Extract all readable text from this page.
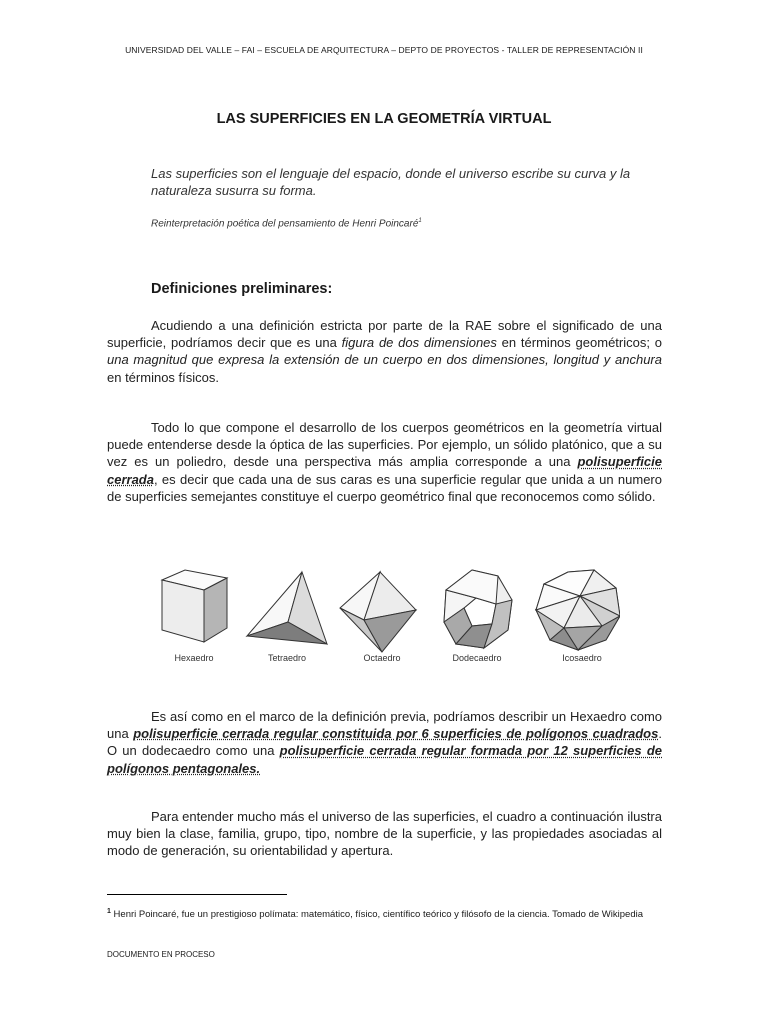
UNIVERSIDAD DEL VALLE – FAI – ESCUELA DE ARQUITECTURA – DEPTO DE PROYECTOS - TALLER DE REPRESENTACIÓN II
LAS SUPERFICIES EN LA GEOMETRÍA VIRTUAL
Las superficies son el lenguaje del espacio, donde el universo escribe su curva y la naturaleza susurra su forma.
Reinterpretación poética del pensamiento de Henri Poincaré$^1$
Definiciones preliminares:
Acudiendo a una definición estricta por parte de la RAE sobre el significado de una superficie, podríamos decir que es una figura de dos dimensiones en términos geométricos; o una magnitud que expresa la extensión de un cuerpo en dos dimensiones, longitud y anchura en términos físicos.
Todo lo que compone el desarrollo de los cuerpos geométricos en la geometría virtual puede entenderse desde la óptica de las superficies. Por ejemplo, un sólido platónico, que a su vez es un poliedro, desde una perspectiva más amplia corresponde a una polisuperficie cerrada, es decir que cada una de sus caras es una superficie regular que unida a un numero de superficies semejantes constituye el cuerpo geométrico final que reconocemos como sólido.
Hexaedro	Tetraedro	Octaedro	Dodecaedro	Icosaedro
Es así como en el marco de la definición previa, podríamos describir un Hexaedro como una polisuperficie cerrada regular constituida por 6 superficies de polígonos cuadrados. O un dodecaedro como una polisuperficie cerrada regular formada por 12 superficies de polígonos pentagonales.
Para entender mucho más el universo de las superficies, el cuadro a continuación ilustra muy bien la clase, familia, grupo, tipo, nombre de la superficie, y las propiedades asociadas al modo de generación, su orientabilidad y apertura.
$^1$ Henri Poincaré, fue un prestigioso polímata: matemático, físico, científico teórico y filósofo de la ciencia. Tomado de Wikipedia
DOCUMENTO EN PROCESO
